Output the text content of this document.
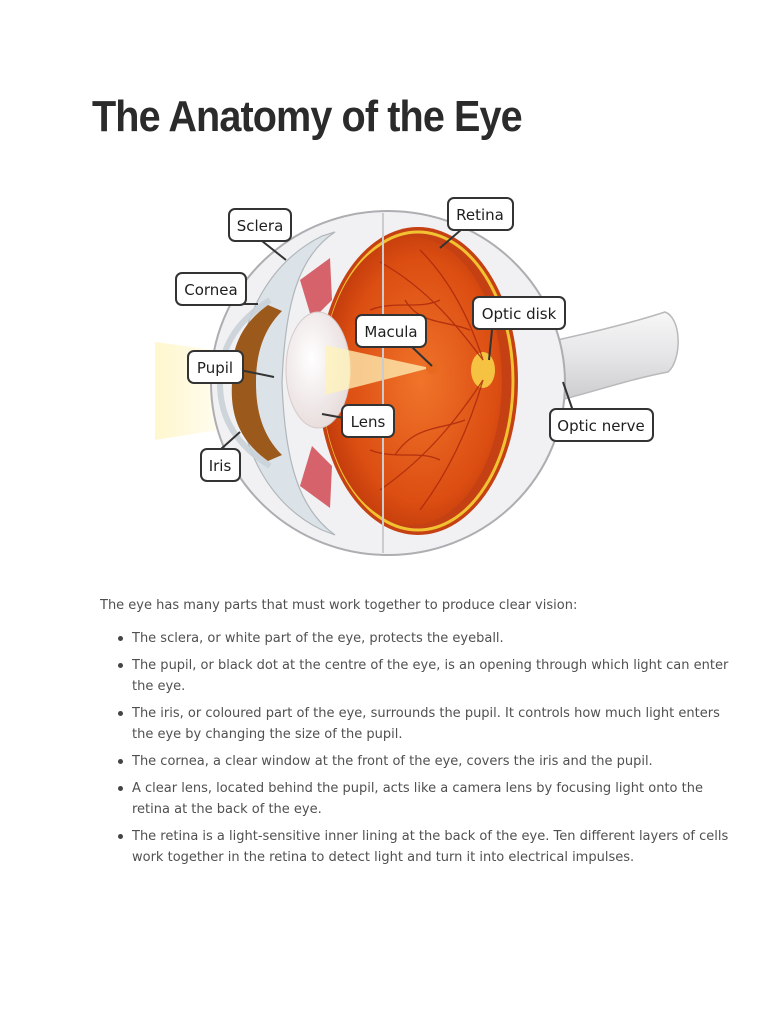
The Anatomy of the Eye
Sclera
Retina
Cornea
Optic disk
Macula
Pupil
Lens	Optic nerve
Iris

The eye has many parts that must work together to produce clear vision:

The sclera, or white part of the eye, protects the eyeball.
The pupil, or black dot at the centre of the eye, is an opening through which light can enter the eye.
The iris, or coloured part of the eye, surrounds the pupil. It controls how much light enters the eye by changing the size of the pupil.
The cornea, a clear window at the front of the eye, covers the iris and the pupil.
A clear lens, located behind the pupil, acts like a camera lens by focusing light onto the retina at the back of the eye.
The retina is a light-sensitive inner lining at the back of the eye. Ten different layers of cells work together in the retina to detect light and turn it into electrical impulses.
